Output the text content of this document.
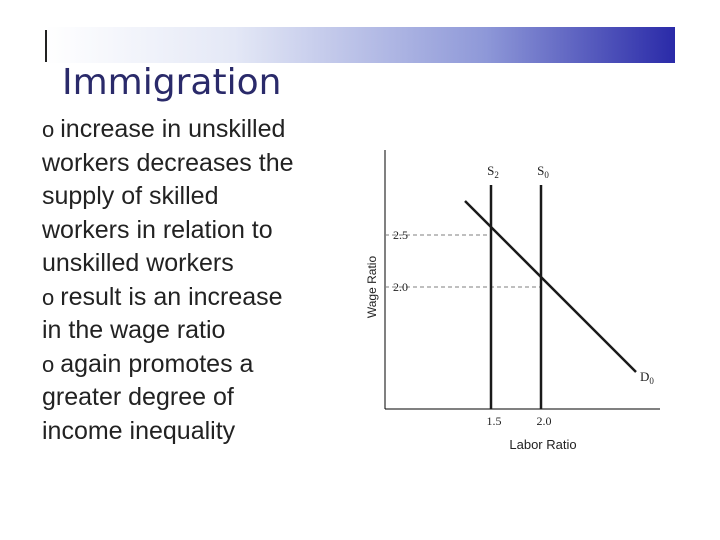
Immigration
o increase in unskilled
workers decreases the
supply of skilled
workers in relation to
unskilled workers
o result is an increase
in the wage ratio
o again promotes a
greater degree of
income inequality
$S_2$	$S_0$
$D_0$
2.5
2.0
1.5	2.0
Labor Ratio
Wage Ratio
